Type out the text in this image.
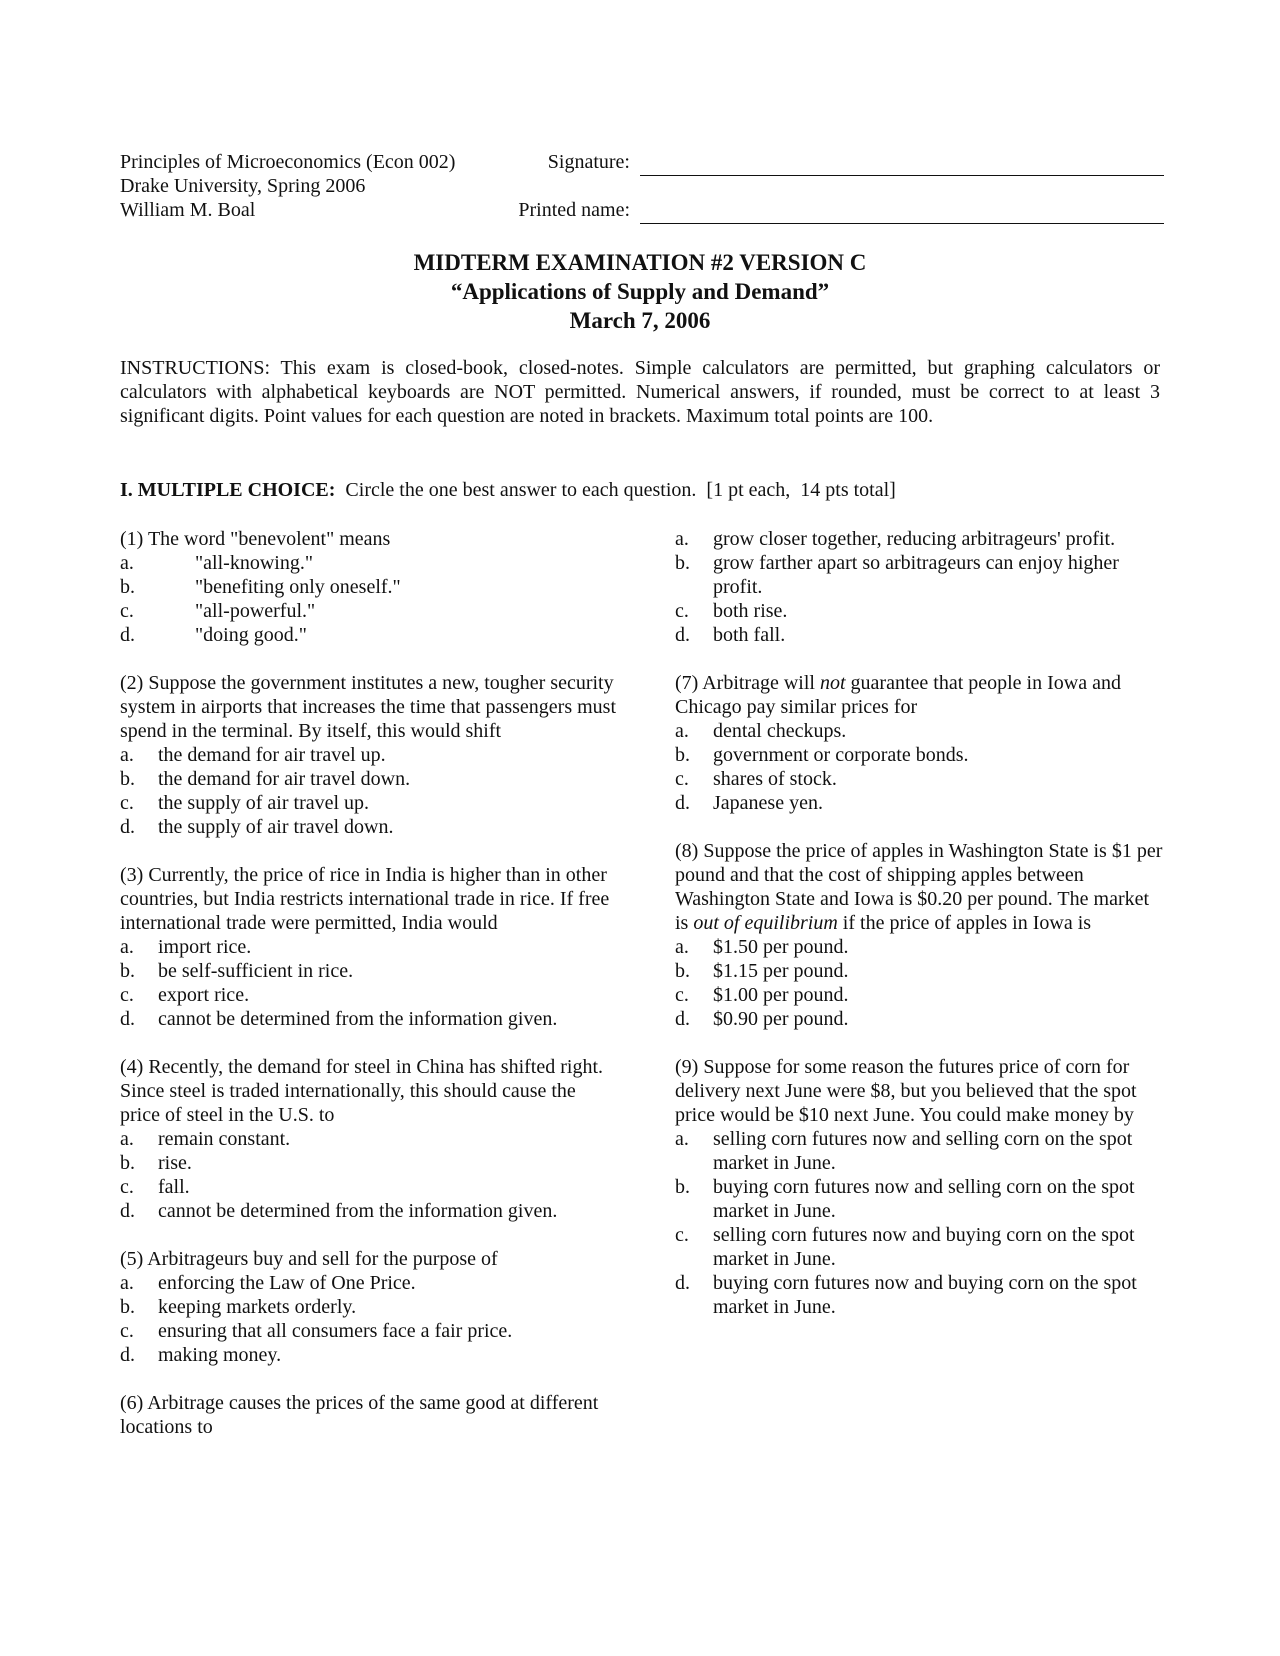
Principles of Microeconomics (Econ 002)
Drake University, Spring 2006
William M. Boal
Signature:
Printed name:
MIDTERM EXAMINATION #2 VERSION C
“Applications of Supply and Demand”
March 7, 2006
INSTRUCTIONS: This exam is closed-book, closed-notes. Simple calculators are permitted, but graphing calculators or calculators with alphabetical keyboards are NOT permitted. Numerical answers, if rounded, must be correct to at least 3 significant digits. Point values for each question are noted in brackets. Maximum total points are 100.
I. MULTIPLE CHOICE:  Circle the one best answer to each question.  [1 pt each,  14 pts total]
(1) The word "benevolent" means
a.	"all-knowing."
b.	"benefiting only oneself."
c.	"all-powerful."
d.	"doing good."
(2) Suppose the government institutes a new, tougher security system in airports that increases the time that passengers must spend in the terminal. By itself, this would shift
a.	the demand for air travel up.
b.	the demand for air travel down.
c.	the supply of air travel up.
d.	the supply of air travel down.
(3) Currently, the price of rice in India is higher than in other countries, but India restricts international trade in rice. If free international trade were permitted, India would
a.	import rice.
b.	be self-sufficient in rice.
c.	export rice.
d.	cannot be determined from the information given.
(4) Recently, the demand for steel in China has shifted right. Since steel is traded internationally, this should cause the price of steel in the U.S. to
a.	remain constant.
b.	rise.
c.	fall.
d.	cannot be determined from the information given.
(5) Arbitrageurs buy and sell for the purpose of
a.	enforcing the Law of One Price.
b.	keeping markets orderly.
c.	ensuring that all consumers face a fair price.
d.	making money.
(6) Arbitrage causes the prices of the same good at different locations to
a.	grow closer together, reducing arbitrageurs' profit.
b.	grow farther apart so arbitrageurs can enjoy higher profit.
c.	both rise.
d.	both fall.
(7) Arbitrage will not guarantee that people in Iowa and Chicago pay similar prices for
a.	dental checkups.
b.	government or corporate bonds.
c.	shares of stock.
d.	Japanese yen.
(8) Suppose the price of apples in Washington State is $1 per pound and that the cost of shipping apples between Washington State and Iowa is $0.20 per pound. The market is out of equilibrium if the price of apples in Iowa is
a.	$1.50 per pound.
b.	$1.15 per pound.
c.	$1.00 per pound.
d.	$0.90 per pound.
(9) Suppose for some reason the futures price of corn for delivery next June were $8, but you believed that the spot price would be $10 next June. You could make money by
a.	selling corn futures now and selling corn on the spot market in June.
b.	buying corn futures now and selling corn on the spot market in June.
c.	selling corn futures now and buying corn on the spot market in June.
d.	buying corn futures now and buying corn on the spot market in June.
